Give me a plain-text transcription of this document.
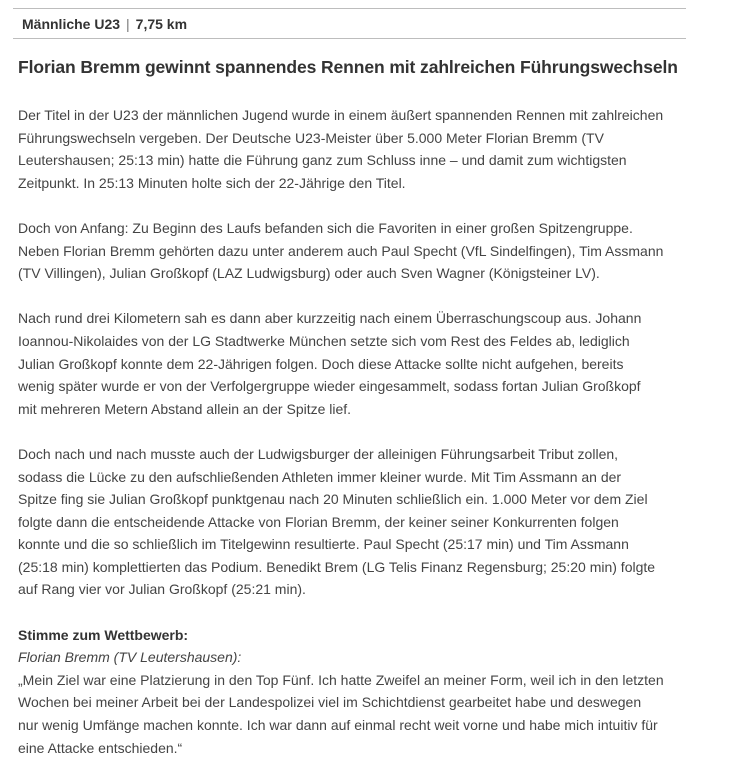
Männliche U23 | 7,75 km
Florian Bremm gewinnt spannendes Rennen mit zahlreichen Führungswechseln

Der Titel in der U23 der männlichen Jugend wurde in einem äußert spannenden Rennen mit zahlreichen
Führungswechseln vergeben. Der Deutsche U23-Meister über 5.000 Meter Florian Bremm (TV
Leutershausen; 25:13 min) hatte die Führung ganz zum Schluss inne – und damit zum wichtigsten
Zeitpunkt. In 25:13 Minuten holte sich der 22-Jährige den Titel.

Doch von Anfang: Zu Beginn des Laufs befanden sich die Favoriten in einer großen Spitzengruppe.
Neben Florian Bremm gehörten dazu unter anderem auch Paul Specht (VfL Sindelfingen), Tim Assmann
(TV Villingen), Julian Großkopf (LAZ Ludwigsburg) oder auch Sven Wagner (Königsteiner LV).

Nach rund drei Kilometern sah es dann aber kurzzeitig nach einem Überraschungscoup aus. Johann
Ioannou-Nikolaides von der LG Stadtwerke München setzte sich vom Rest des Feldes ab, lediglich
Julian Großkopf konnte dem 22-Jährigen folgen. Doch diese Attacke sollte nicht aufgehen, bereits
wenig später wurde er von der Verfolgergruppe wieder eingesammelt, sodass fortan Julian Großkopf
mit mehreren Metern Abstand allein an der Spitze lief.

Doch nach und nach musste auch der Ludwigsburger der alleinigen Führungsarbeit Tribut zollen,
sodass die Lücke zu den aufschließenden Athleten immer kleiner wurde. Mit Tim Assmann an der
Spitze fing sie Julian Großkopf punktgenau nach 20 Minuten schließlich ein. 1.000 Meter vor dem Ziel
folgte dann die entscheidende Attacke von Florian Bremm, der keiner seiner Konkurrenten folgen
konnte und die so schließlich im Titelgewinn resultierte. Paul Specht (25:17 min) und Tim Assmann
(25:18 min) komplettierten das Podium. Benedikt Brem (LG Telis Finanz Regensburg; 25:20 min) folgte
auf Rang vier vor Julian Großkopf (25:21 min).

Stimme zum Wettbewerb:
Florian Bremm (TV Leutershausen):
„Mein Ziel war eine Platzierung in den Top Fünf. Ich hatte Zweifel an meiner Form, weil ich in den letzten
Wochen bei meiner Arbeit bei der Landespolizei viel im Schichtdienst gearbeitet habe und deswegen
nur wenig Umfänge machen konnte. Ich war dann auf einmal recht weit vorne und habe mich intuitiv für
eine Attacke entschieden.“
